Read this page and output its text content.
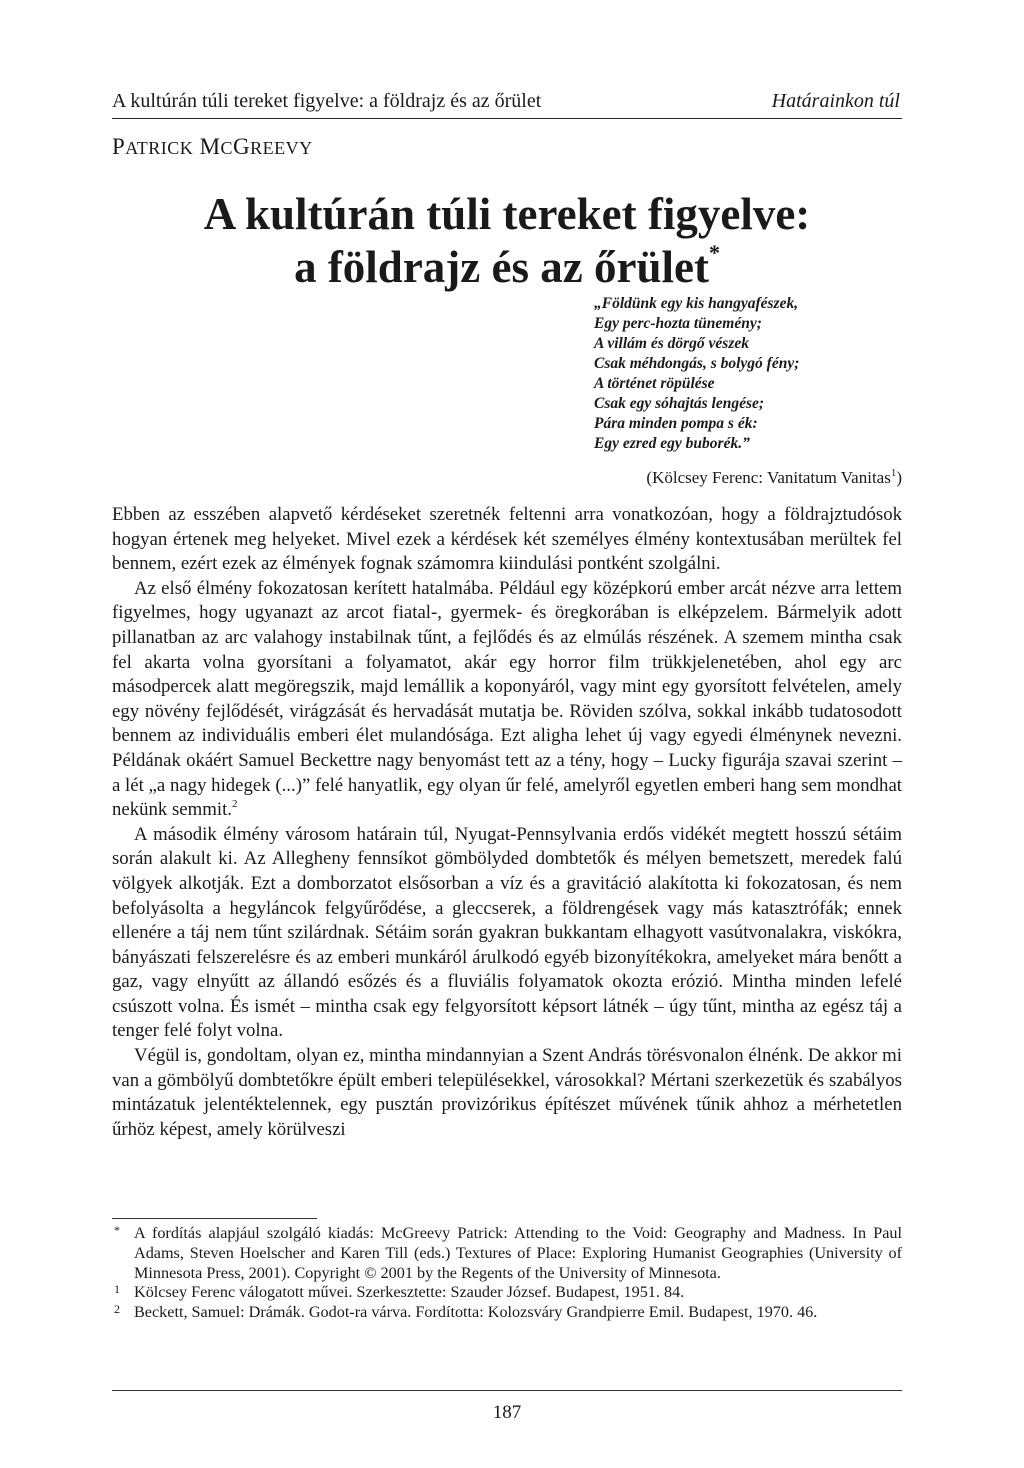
A kultúrán túli tereket figyelve: a földrajz és az őrület	Határainkon túl
PATRICK MCGREEVY
A kultúrán túli tereket figyelve:
a földrajz és az őrület*
„Földünk egy kis hangyafészek,
Egy perc-hozta tünemény;
A villám és dörgő vészek
Csak méhdongás, s bolygó fény;
A történet röpülése
Csak egy sóhajtás lengése;
Pára minden pompa s ék:
Egy ezred egy buborék.”
(Kölcsey Ferenc: Vanitatum Vanitas$^1$)

Ebben az esszében alapvető kérdéseket szeretnék feltenni arra vonatkozóan, hogy a földrajztudósok hogyan értenek meg helyeket. Mivel ezek a kérdések két személyes élmény kontextusában merültek fel bennem, ezért ezek az élmények fognak számomra kiindulási pontként szolgálni.

Az első élmény fokozatosan kerített hatalmába. Például egy középkorú ember arcát nézve arra lettem figyelmes, hogy ugyanazt az arcot fiatal-, gyermek- és öregkorában is elképzelem. Bármelyik adott pillanatban az arc valahogy instabilnak tűnt, a fejlődés és az elmúlás részének. A szemem mintha csak fel akarta volna gyorsítani a folyamatot, akár egy horror film trükkjelenetében, ahol egy arc másodpercek alatt megöregszik, majd lemállik a koponyáról, vagy mint egy gyorsított felvételen, amely egy növény fejlődését, virágzását és hervadását mutatja be. Röviden szólva, sokkal inkább tudatosodott bennem az individuális emberi élet mulandósága. Ezt aligha lehet új vagy egyedi élménynek nevezni. Példának okáért Samuel Beckettre nagy benyomást tett az a tény, hogy – Lucky figurája szavai szerint – a lét „a nagy hidegek (...)” felé hanyatlik, egy olyan űr felé, amelyről egyetlen emberi hang sem mondhat nekünk semmit.$^2$

A második élmény városom határain túl, Nyugat-Pennsylvania erdős vidékét megtett hosszú sétáim során alakult ki. Az Allegheny fennsíkot gömbölyded dombtetők és mélyen bemetszett, meredek falú völgyek alkotják. Ezt a domborzatot elsősorban a víz és a gravitáció alakította ki fokozatosan, és nem befolyásolta a hegyláncok felgyűrődése, a gleccserek, a földrengések vagy más katasztrófák; ennek ellenére a táj nem tűnt szilárdnak. Sétáim során gyakran bukkantam elhagyott vasútvonalakra, viskókra, bányászati felszerelésre és az emberi munkáról árulkodó egyéb bizonyítékokra, amelyeket mára benőtt a gaz, vagy elnyűtt az állandó esőzés és a fluviális folyamatok okozta erózió. Mintha minden lefelé csúszott volna. És ismét – mintha csak egy felgyorsított képsort látnék – úgy tűnt, mintha az egész táj a tenger felé folyt volna.

Végül is, gondoltam, olyan ez, mintha mindannyian a Szent András törésvonalon élnénk. De akkor mi van a gömbölyű dombtetőkre épült emberi településekkel, városokkal? Mértani szerkezetük és szabályos mintázatuk jelentéktelennek, egy pusztán provizórikus építészet művének tűnik ahhoz a mérhetetlen űrhöz képest, amely körülveszi

* A fordítás alapjául szolgáló kiadás: McGreevy Patrick: Attending to the Void: Geography and Madness. In Paul Adams, Steven Hoelscher and Karen Till (eds.) Textures of Place: Exploring Humanist Geographies (University of Minnesota Press, 2001). Copyright © 2001 by the Regents of the University of Minnesota.
1 Kölcsey Ferenc válogatott művei. Szerkesztette: Szauder József. Budapest, 1951. 84.
2 Beckett, Samuel: Drámák. Godot-ra várva. Fordította: Kolozsváry Grandpierre Emil. Budapest, 1970. 46.
187
